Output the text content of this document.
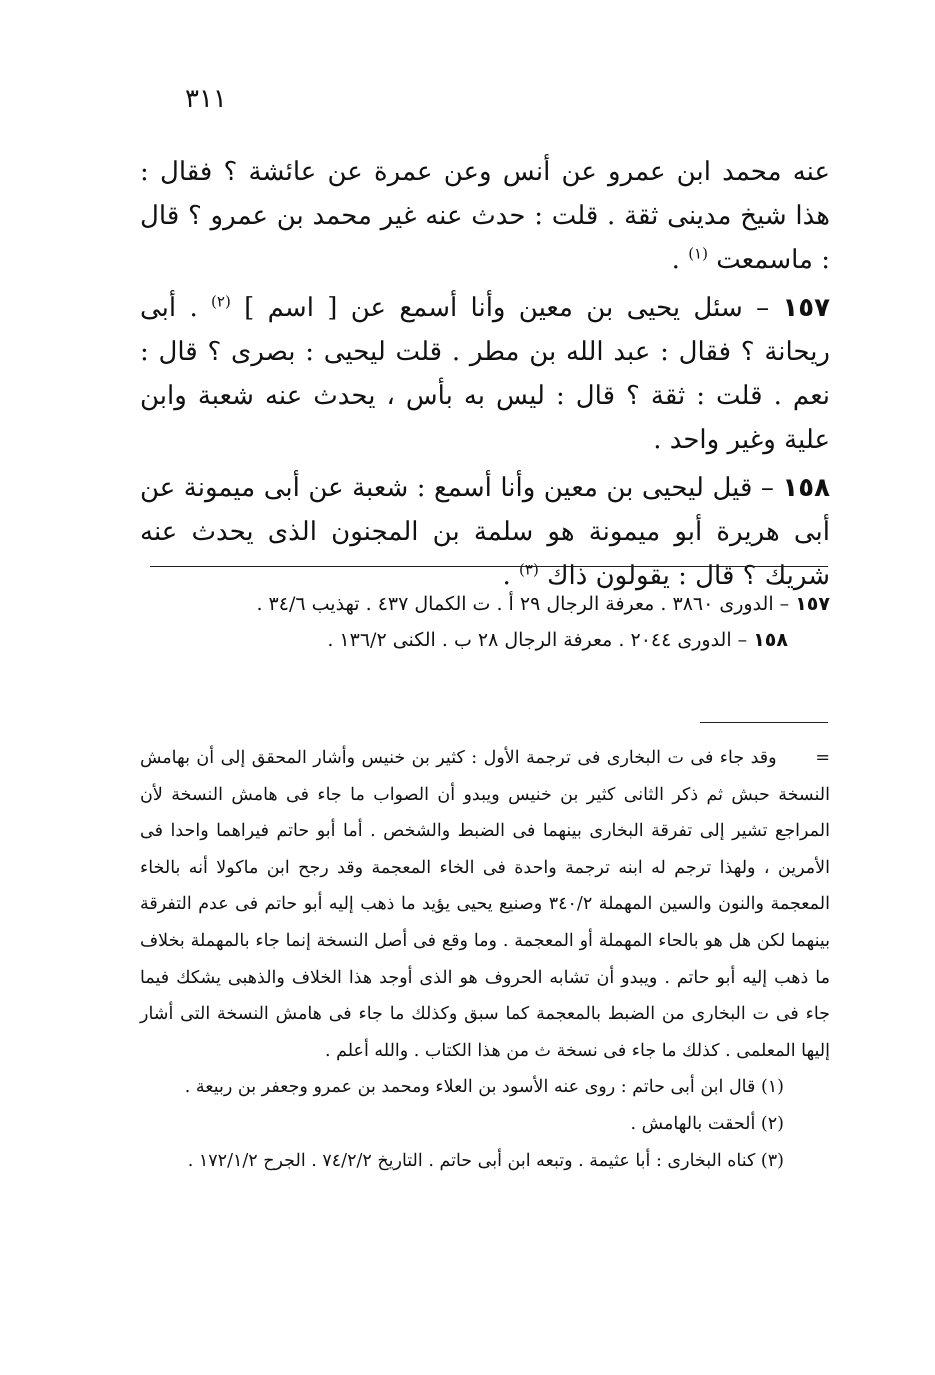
٣١١

عنه محمد ابن عمرو عن أنس وعن عمرة عن عائشة ؟ فقال : هذا شيخ مدينى ثقة . قلت : حدث عنه غير محمد بن عمرو ؟ قال : ماسمعت $^{(١)}$ .

١٥٧ – سئل يحيى بن معين وأنا أسمع عن [ اسم ] $^{(٢)}$ . أبى ريحانة ؟ فقال : عبد الله بن مطر . قلت ليحيى : بصرى ؟ قال : نعم . قلت : ثقة ؟ قال : ليس به بأس ، يحدث عنه شعبة وابن علية وغير واحد .

١٥٨ – قيل ليحيى بن معين وأنا أسمع : شعبة عن أبى ميمونة عن أبى هريرة أبو ميمونة هو سلمة بن المجنون الذى يحدث عنه شريك ؟ قال : يقولون ذاك $^{(٣)}$ .

١٥٧ – الدورى ٣٨٦٠ . معرفة الرجال ٢٩ أ . ت الكمال ٤٣٧ . تهذيب ٣٤/٦ .

١٥٨ – الدورى ٢٠٤٤ . معرفة الرجال ٢٨ ب . الكنى ١٣٦/٢ .

=      وقد جاء فى ت البخارى فى ترجمة الأول : كثير بن خنيس وأشار المحقق إلى أن بهامش النسخة حبش ثم ذكر الثانى كثير بن خنيس ويبدو أن الصواب ما جاء فى هامش النسخة لأن المراجع تشير إلى تفرقة البخارى بينهما فى الضبط والشخص . أما أبو حاتم فيراهما واحدا فى الأمرين ، ولهذا ترجم له ابنه ترجمة واحدة فى الخاء المعجمة وقد رجح ابن ماكولا أنه بالخاء المعجمة والنون والسين المهملة ٣٤٠/٢ وصنيع يحيى يؤيد ما ذهب إليه أبو حاتم فى عدم التفرقة بينهما لكن هل هو بالحاء المهملة أو المعجمة . وما وقع فى أصل النسخة إنما جاء بالمهملة بخلاف ما ذهب إليه أبو حاتم . ويبدو أن تشابه الحروف هو الذى أوجد هذا الخلاف والذهبى يشكك فيما جاء فى ت البخارى من الضبط بالمعجمة كما سبق وكذلك ما جاء فى هامش النسخة التى أشار إليها المعلمى . كذلك ما جاء فى نسخة ث من هذا الكتاب . والله أعلم .

(١) قال ابن أبى حاتم : روى عنه الأسود بن العلاء ومحمد بن عمرو وجعفر بن ربيعة .

(٢) ألحقت بالهامش .

(٣) كناه البخارى : أبا عثيمة . وتبعه ابن أبى حاتم . التاريخ ٧٤/٢/٢ . الجرح ١٧٢/١/٢ .
